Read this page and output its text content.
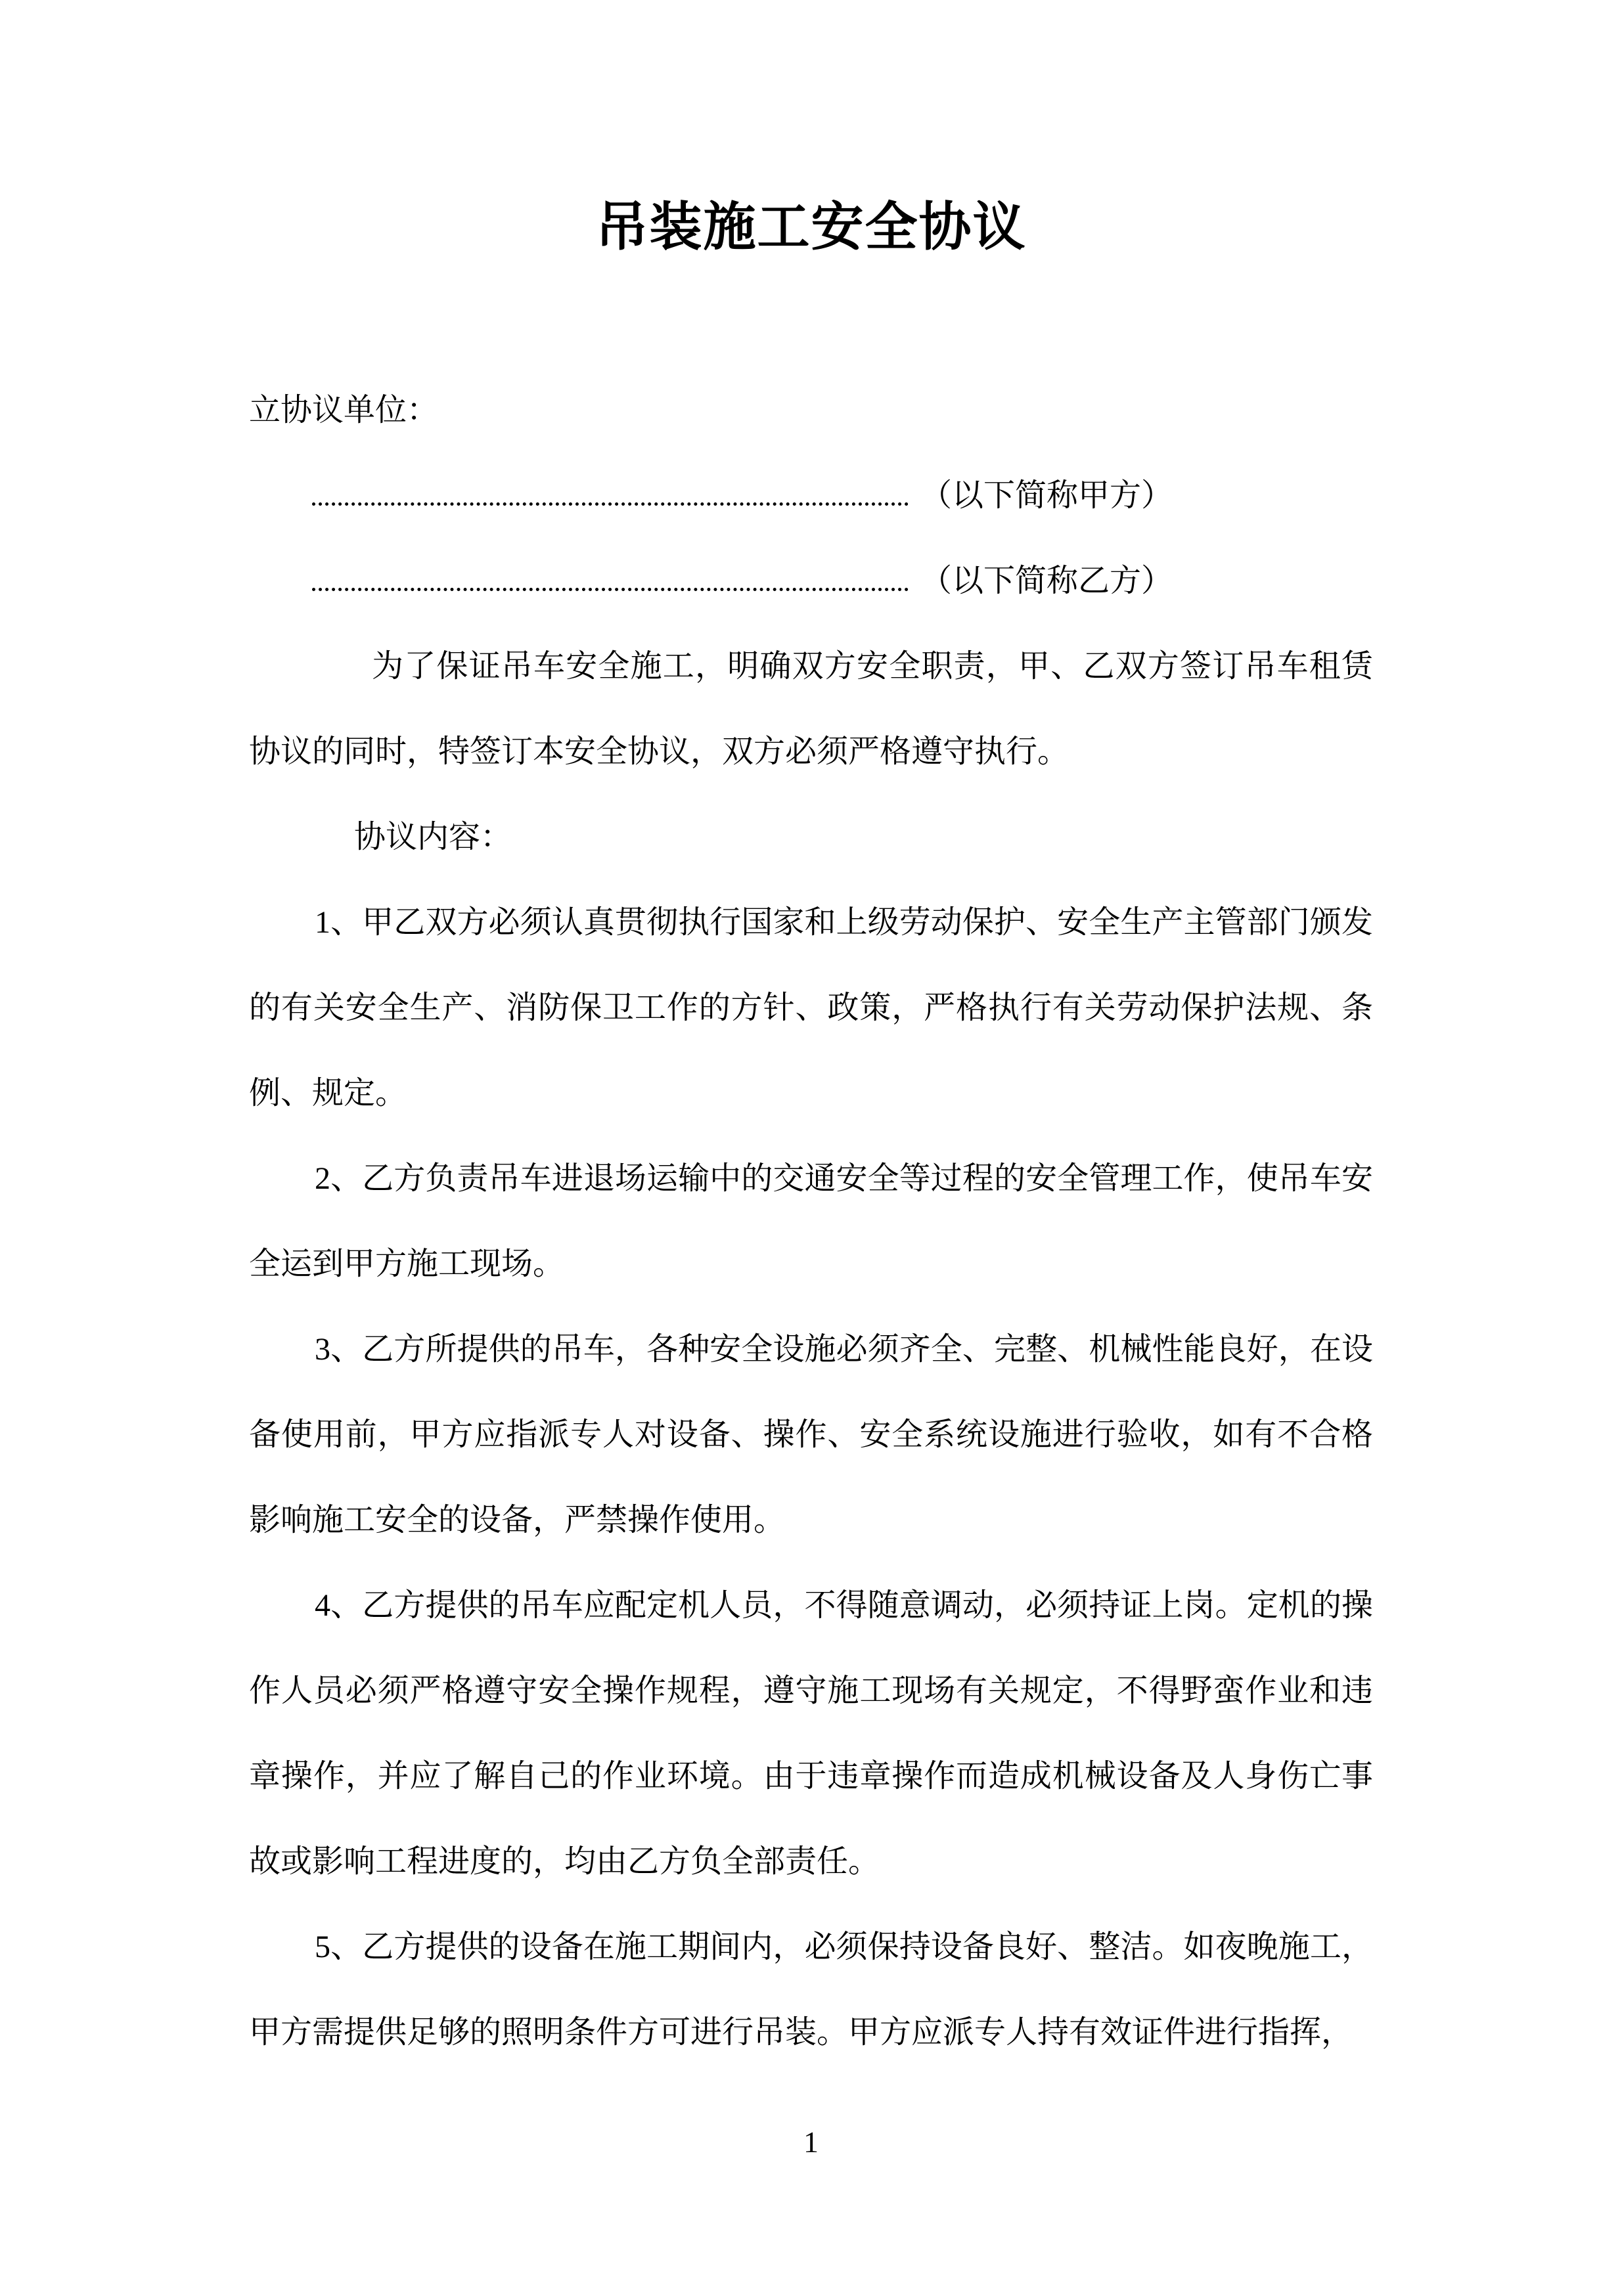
吊装施工安全协议

立协议单位：

（以下简称甲方）

（以下简称乙方）

为了保证吊车安全施工，明确双方安全职责，甲、乙双方签订吊车租赁协议的同时，特签订本安全协议，双方必须严格遵守执行。

协议内容：

1、甲乙双方必须认真贯彻执行国家和上级劳动保护、安全生产主管部门颁发的有关安全生产、消防保卫工作的方针、政策，严格执行有关劳动保护法规、条例、规定。

2、乙方负责吊车进退场运输中的交通安全等过程的安全管理工作，使吊车安全运到甲方施工现场。

3、乙方所提供的吊车，各种安全设施必须齐全、完整、机械性能良好，在设备使用前，甲方应指派专人对设备、操作、安全系统设施进行验收，如有不合格影响施工安全的设备，严禁操作使用。

4、乙方提供的吊车应配定机人员，不得随意调动，必须持证上岗。定机的操作人员必须严格遵守安全操作规程，遵守施工现场有关规定，不得野蛮作业和违章操作，并应了解自己的作业环境。由于违章操作而造成机械设备及人身伤亡事故或影响工程进度的，均由乙方负全部责任。

5、乙方提供的设备在施工期间内，必须保持设备良好、整洁。如夜晚施工，甲方需提供足够的照明条件方可进行吊装。甲方应派专人持有效证件进行指挥，

1
